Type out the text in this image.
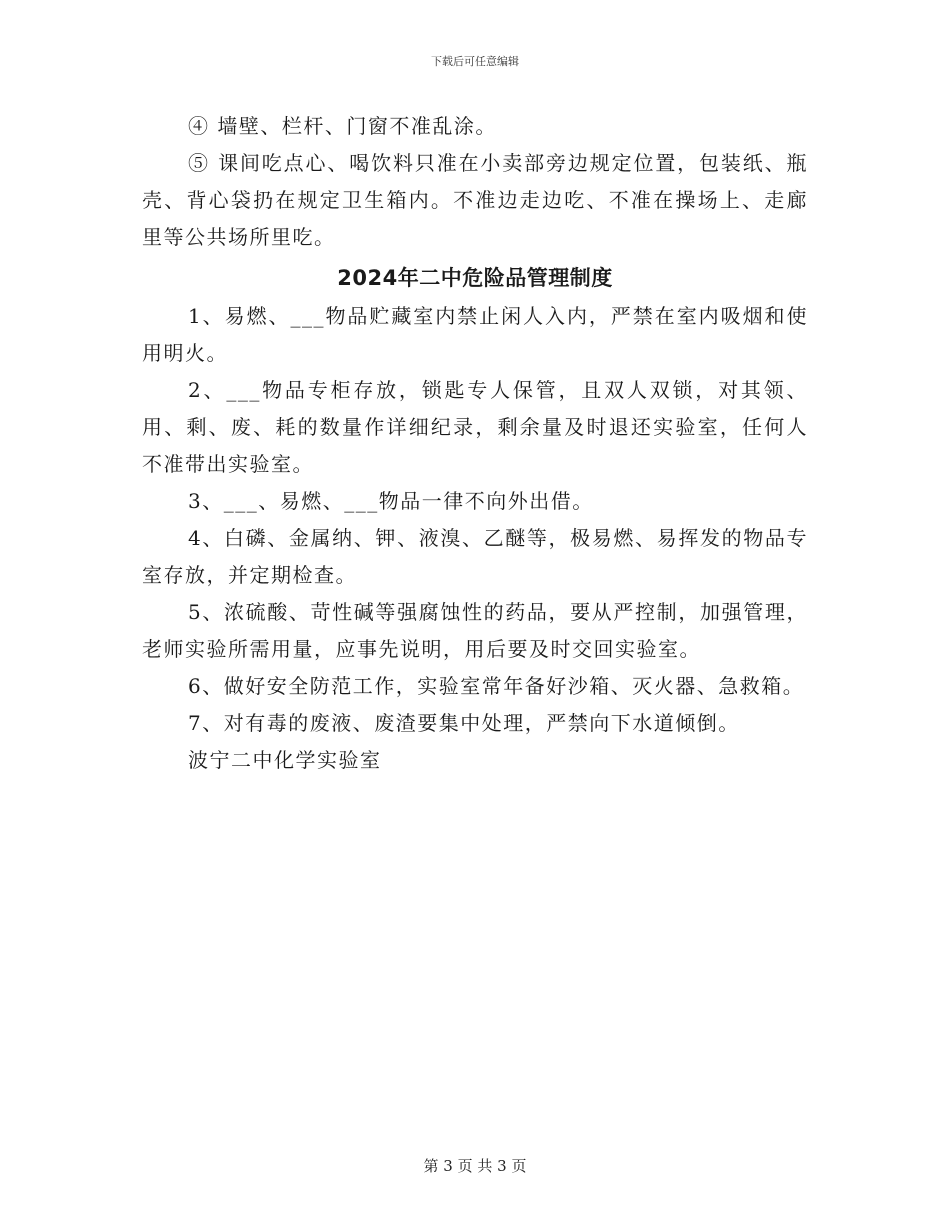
下载后可任意编辑

④ 墙壁、栏杆、门窗不准乱涂。

⑤ 课间吃点心、喝饮料只准在小卖部旁边规定位置，包装纸、瓶壳、背心袋扔在规定卫生箱内。不准边走边吃、不准在操场上、走廊里等公共场所里吃。

2024年二中危险品管理制度

1、易燃、___物品贮藏室内禁止闲人入内，严禁在室内吸烟和使用明火。

2、___物品专柜存放，锁匙专人保管，且双人双锁，对其领、用、剩、废、耗的数量作详细纪录，剩余量及时退还实验室，任何人不准带出实验室。

3、___、易燃、___物品一律不向外出借。

4、白磷、金属纳、钾、液溴、乙醚等，极易燃、易挥发的物品专室存放，并定期检查。

5、浓硫酸、苛性碱等强腐蚀性的药品，要从严控制，加强管理，老师实验所需用量，应事先说明，用后要及时交回实验室。

6、做好安全防范工作，实验室常年备好沙箱、灭火器、急救箱。

7、对有毒的废液、废渣要集中处理，严禁向下水道倾倒。

波宁二中化学实验室

第 3 页 共 3 页
